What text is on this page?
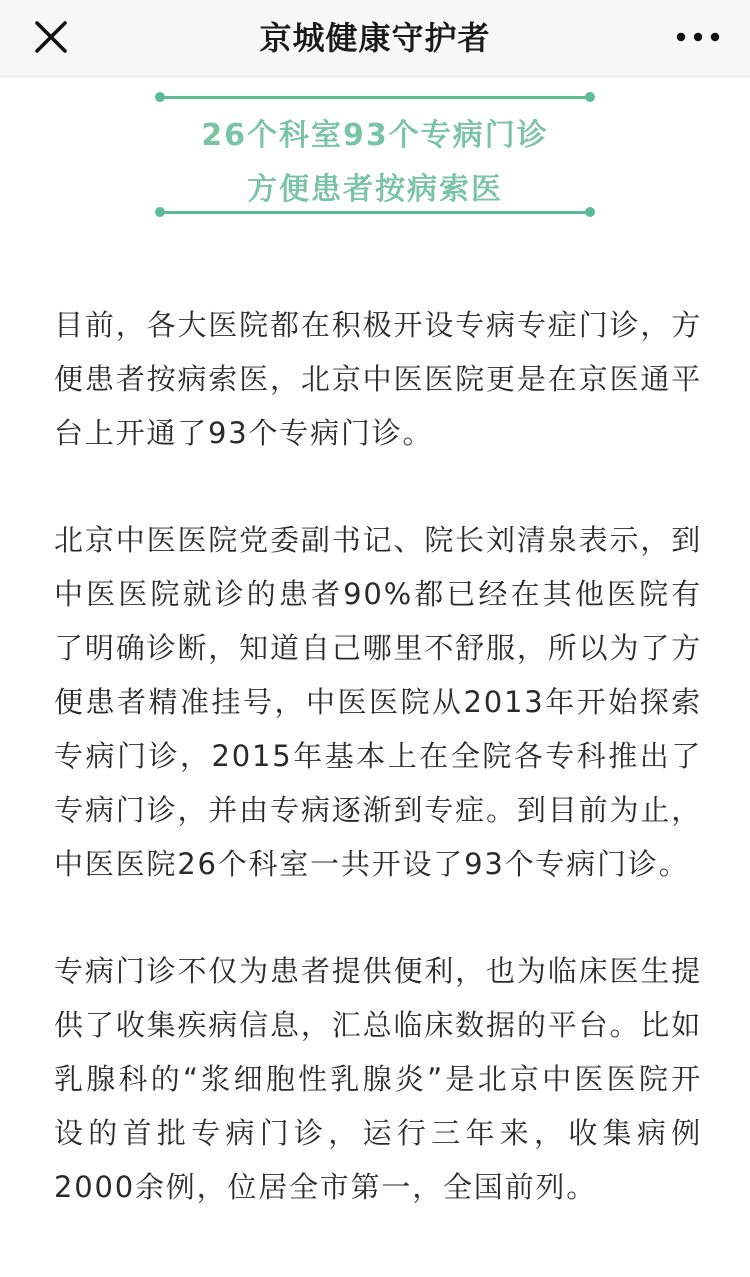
京城健康守护者
26个科室93个专病门诊
方便患者按病索医

目前，各大医院都在积极开设专病专症门诊，方便患者按病索医，北京中医医院更是在京医通平台上开通了93个专病门诊。

北京中医医院党委副书记、院长刘清泉表示，到中医医院就诊的患者90%都已经在其他医院有了明确诊断，知道自己哪里不舒服，所以为了方便患者精准挂号，中医医院从2013年开始探索专病门诊，2015年基本上在全院各专科推出了专病门诊，并由专病逐渐到专症。到目前为止，中医医院26个科室一共开设了93个专病门诊。

专病门诊不仅为患者提供便利，也为临床医生提供了收集疾病信息，汇总临床数据的平台。比如乳腺科的“浆细胞性乳腺炎”是北京中医医院开设的首批专病门诊，运行三年来，收集病例2000余例，位居全市第一，全国前列。
